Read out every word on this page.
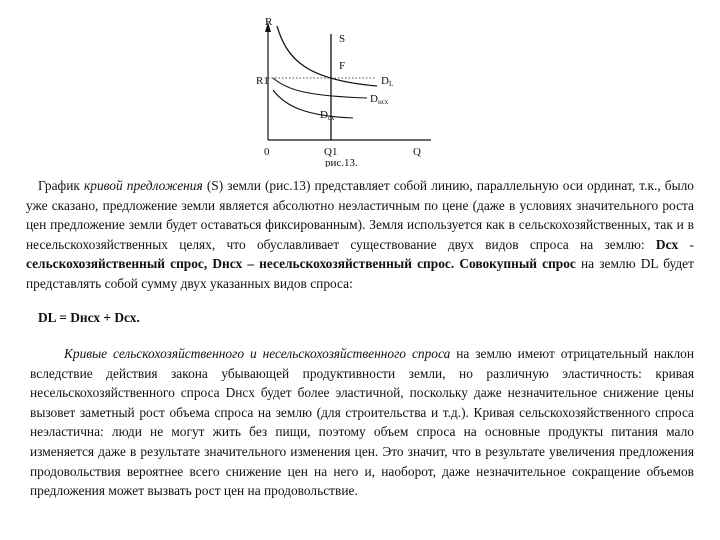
R
S
F
R1	DL
Dнсх
Dсх
0	Q1	Q
рис.13.

График кривой предложения (S) земли (рис.13) представляет собой линию, параллельную оси ординат, т.к., было уже сказано, предложение земли является абсолютно неэластичным по цене (даже в условиях значительного роста цен предложение земли будет оставаться фиксированным). Земля используется как в сельскохозяйственных, так и в несельскохозяйственных целях, что обуславливает существование двух видов спроса на землю: Dcx - сельскохозяйственный спрос, Dнсх – несельскохозяйственный спрос. Совокупный спрос на землю DL будет представлять собой сумму двух указанных видов спроса:

DL = Dнсх + Dсх.

Кривые сельскохозяйственного и несельскохозяйственного спроса на землю имеют отрицательный наклон вследствие действия закона убывающей продуктивности земли, но различную эластичность: кривая несельскохозяйственного спроса Dнсх будет более эластичной, поскольку даже незначительное снижение цены вызовет заметный рост объема спроса на землю (для строительства и т.д.). Кривая сельскохозяйственного спроса неэластична: люди не могут жить без пищи, поэтому объем спроса на основные продукты питания мало изменяется даже в результате значительного изменения цен. Это значит, что в результате увеличения предложения продовольствия вероятнее всего снижение цен на него и, наоборот, даже незначительное сокращение объемов предложения может вызвать рост цен на продовольствие.
